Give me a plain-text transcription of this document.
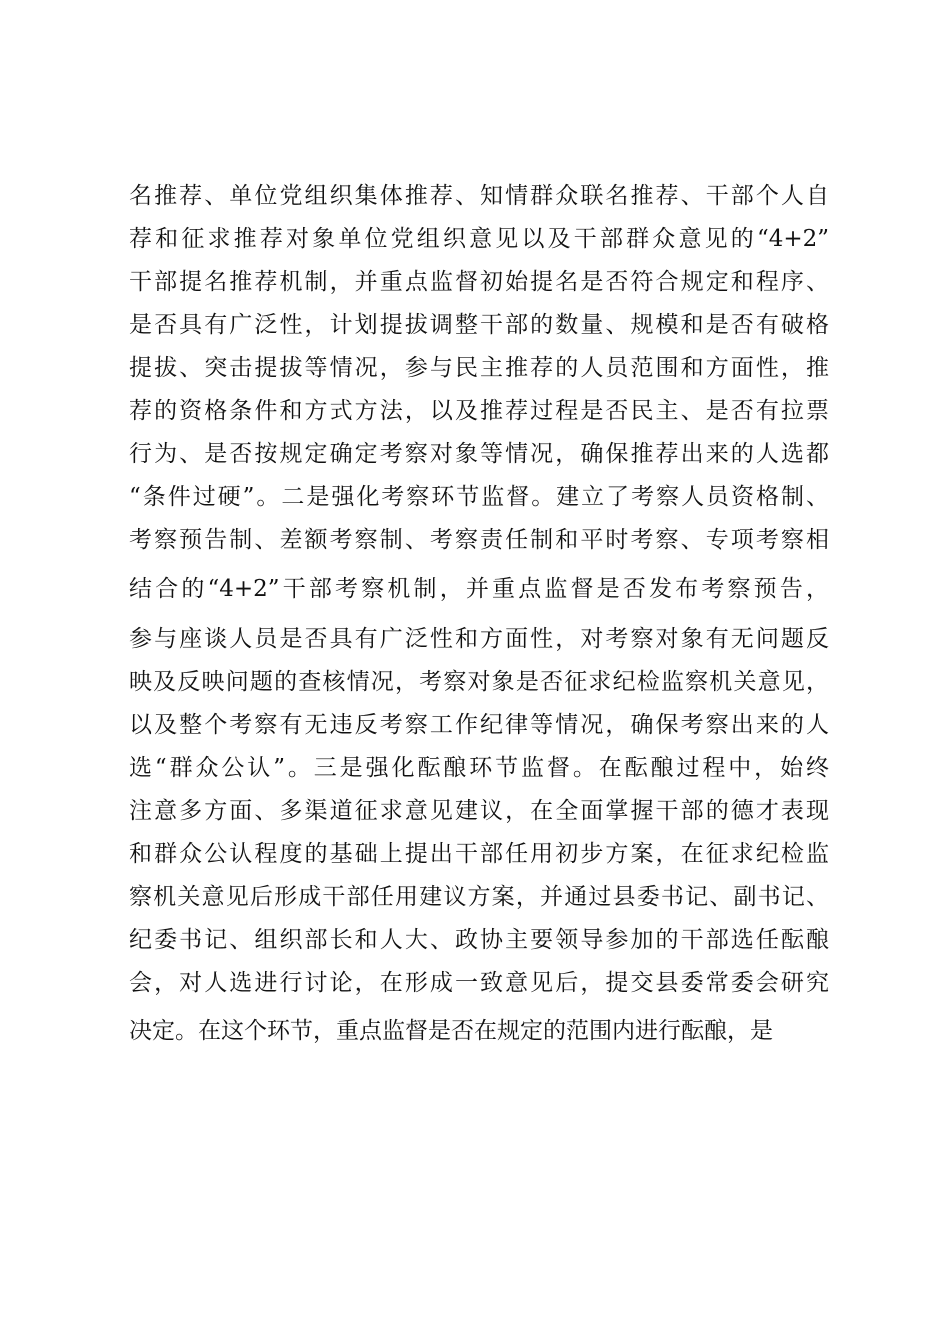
名推荐、单位党组织集体推荐、知情群众联名推荐、干部个人自
荐和征求推荐对象单位党组织意见以及干部群众意见的“4+2”
干部提名推荐机制，并重点监督初始提名是否符合规定和程序、
是否具有广泛性，计划提拔调整干部的数量、规模和是否有破格
提拔、突击提拔等情况，参与民主推荐的人员范围和方面性，推
荐的资格条件和方式方法，以及推荐过程是否民主、是否有拉票
行为、是否按规定确定考察对象等情况，确保推荐出来的人选都
“条件过硬”。二是强化考察环节监督。建立了考察人员资格制、
考察预告制、差额考察制、考察责任制和平时考察、专项考察相
结合的“4+2”干部考察机制，并重点监督是否发布考察预告，
参与座谈人员是否具有广泛性和方面性，对考察对象有无问题反
映及反映问题的查核情况，考察对象是否征求纪检监察机关意见，
以及整个考察有无违反考察工作纪律等情况，确保考察出来的人
选“群众公认”。三是强化酝酿环节监督。在酝酿过程中，始终
注意多方面、多渠道征求意见建议，在全面掌握干部的德才表现
和群众公认程度的基础上提出干部任用初步方案，在征求纪检监
察机关意见后形成干部任用建议方案，并通过县委书记、副书记、
纪委书记、组织部长和人大、政协主要领导参加的干部选任酝酿
会，对人选进行讨论，在形成一致意见后，提交县委常委会研究
决定。在这个环节，重点监督是否在规定的范围内进行酝酿，是
